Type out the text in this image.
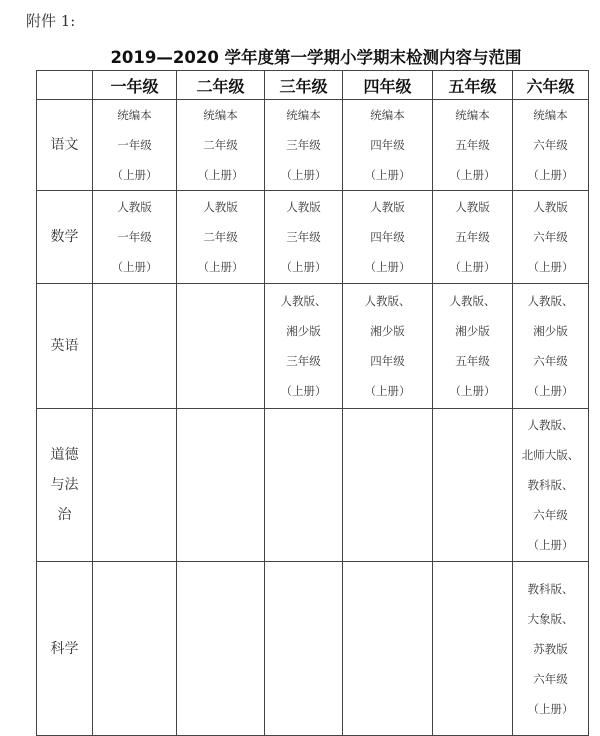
附件 1:
2019—2020 学年度第一学期小学期末检测内容与范围
	一年级	二年级	三年级	四年级	五年级	六年级
语文	统编本
一年级
（上册）	统编本
二年级
（上册）	统编本
三年级
（上册）	统编本
四年级
（上册）	统编本
五年级
（上册）	统编本
六年级
（上册）

数学	人教版
一年级
（上册）	人教版
二年级
（上册）	人教版
三年级
（上册）	人教版
四年级
（上册）	人教版
五年级
（上册）	人教版
六年级
（上册）

英语			人教版、
湘少版
三年级
（上册）	人教版、
湘少版
四年级
（上册）	人教版、
湘少版
五年级
（上册）	人教版、
湘少版
六年级
（上册）

道德
与法
治						人教版、
北师大版、
教科版、
六年级
（上册）

科学						教科版、
大象版、
苏教版
六年级
（上册）
